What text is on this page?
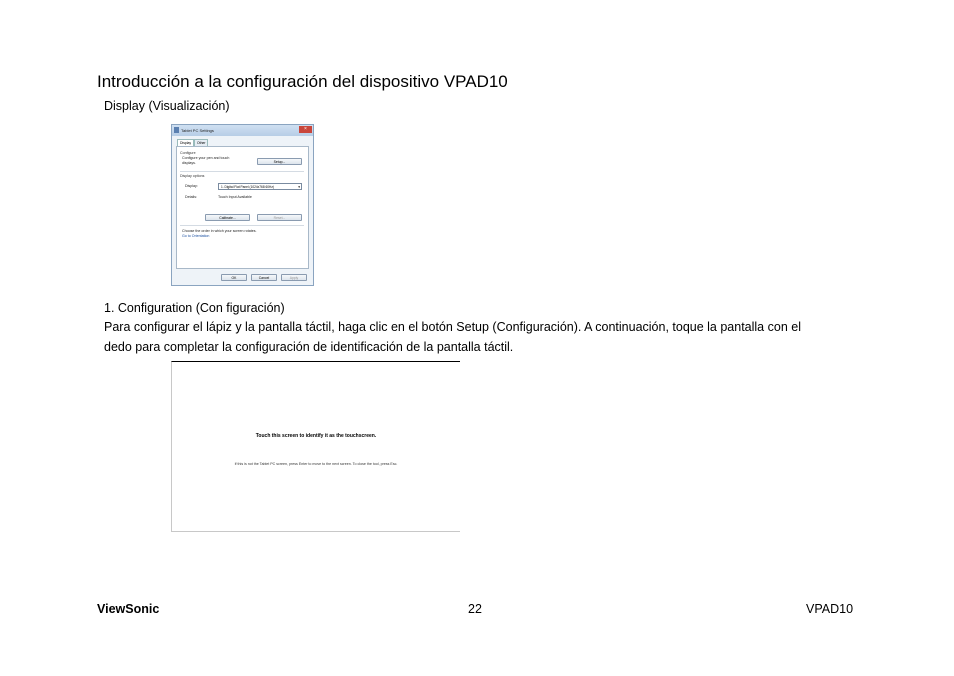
Introducción a la configuración del dispositivo VPAD10
Display (Visualización)
Tablet PC Settings	×
Display	Other
Configure
Configure your pen and touch
displays.	Setup...
Display options
Display:	1. Digital Flat Panel (1024x768 60Hz)	▾
Details:	Touch Input Available
Calibrate...	Reset...
Choose the order in which your screen rotates.
Go to Orientation
OK	Cancel	Apply
1. Configuration (Con figuración)
Para configurar el lápiz y la pantalla táctil, haga clic en el botón Setup (Configuración). A continuación, toque la pantalla con el
dedo para completar la configuración de identificación de la pantalla táctil.
Touch this screen to identify it as the touchscreen.
If this is not the Tablet PC screen, press Enter to move to the next screen. To close the tool, press Esc.
ViewSonic	22	VPAD10
